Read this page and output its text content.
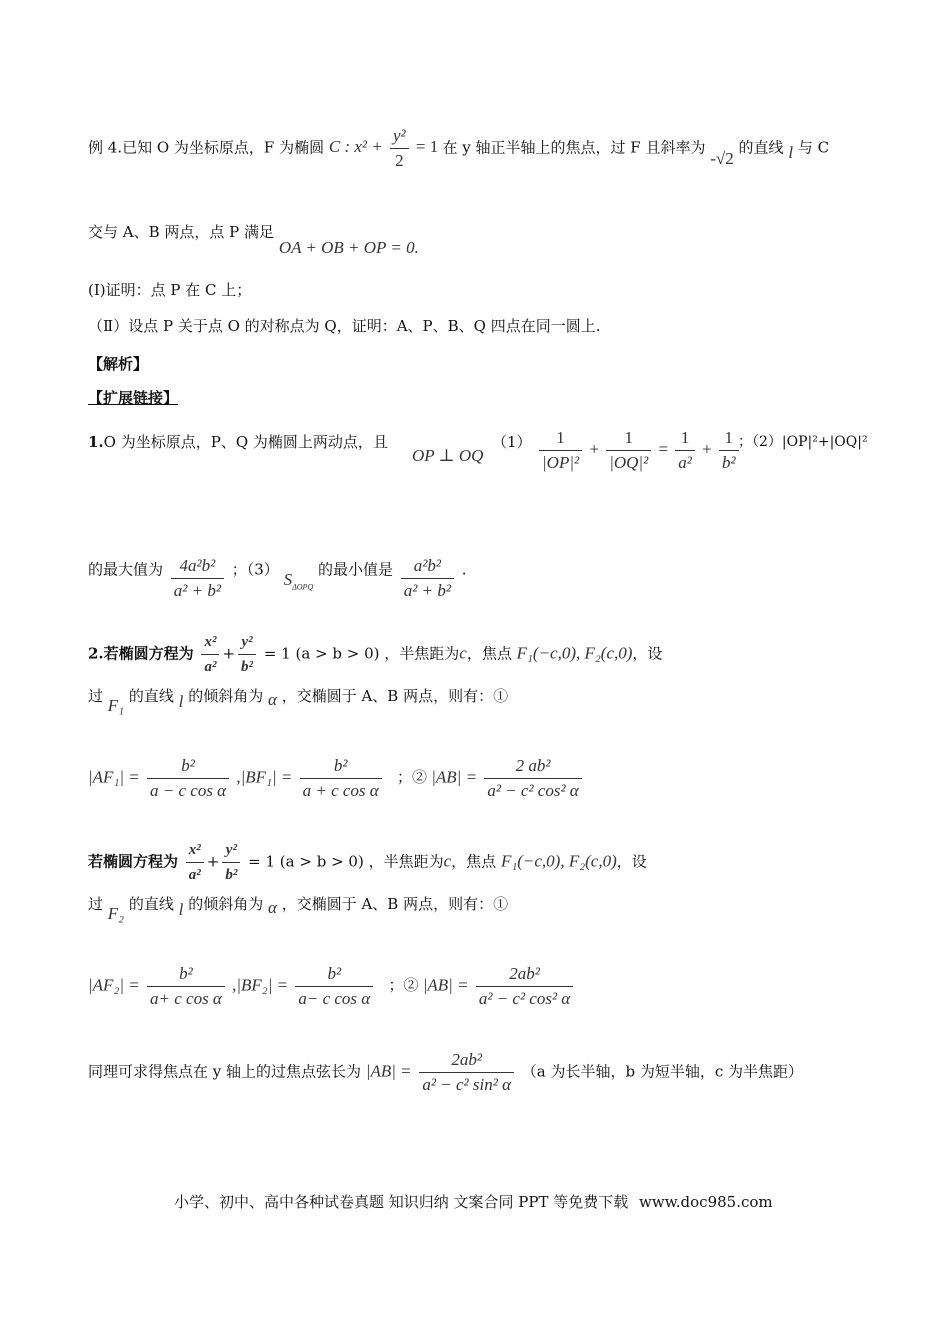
例 4.已知 O 为坐标原点，F 为椭圆 C : $x^2 + \frac{\text{y²}}{2} = 1$ 在 y 轴正半轴上的焦点，过 F 且斜率为 -√2 的直线 l 与 C
交与 A、B 两点，点 P 满足 OA + OB + OP = 0.
(I)证明：点 P 在 C 上；
（Ⅱ）设点 P 关于点 O 的对称点为 Q，证明：A、P、B、Q 四点在同一圆上.
【解析】
【扩展链接】
1.O 为坐标原点，P、Q 为椭圆上两动点，且
OP ⊥ OQ
$(1) \frac{1}{\text{|OP|²}} + \frac{1}{\text{|OQ|²}} = \frac{1}{\text{a²}} + \frac{1}{\text{b²}}$ ；（2）|OP|²+|OQ|²
的最大值为 $\frac{\text{4a²b²}}{\text{a² + b²}}$ ；（3） $S_{\Delta OPQ}$ 的最小值是 $\frac{\text{a²b²}}{\text{a² + b²}}$ .
2.若椭圆方程为 $\frac{\text{x²}}{\text{a²}} + \frac{\text{y²}}{\text{b²}} = 1$ (a > b > 0) ，半焦距为c，焦点 F₁(−c,0), F₂(c,0)，设
过 F₁ 的直线 l 的倾斜角为 α ，交椭圆于 A、B 两点，则有：①
$|AF_1| = \frac{\text{b²}}{\text{a − c cos α}} ,|BF_1| = \frac{\text{b²}}{\text{a + c cos α}}$ ；② $|AB| = \frac{\text{2 ab²}}{\text{a² − c² cos² α}}$
若椭圆方程为 $\frac{\text{x²}}{\text{a²}} + \frac{\text{y²}}{\text{b²}} = 1$ (a > b > 0) ，半焦距为c，焦点 F₁(−c,0), F₂(c,0)，设
过 F₂ 的直线 l 的倾斜角为 α ，交椭圆于 A、B 两点，则有：①
$|AF_2| = \frac{\text{b²}}{\text{a+ c cos α}} ,|BF_2| = \frac{\text{b²}}{\text{a− c cos α}}$ ；② $|AB| = \frac{\text{2ab²}}{\text{a² − c² cos² α}}$
同理可求得焦点在 y 轴上的过焦点弦长为 $|AB| = \frac{\text{2ab²}}{\text{a² − c² sin² α}} (a$ 为长半轴，b 为短半轴，c 为半焦距）
小学、初中、高中各种试卷真题 知识归纳 文案合同 PPT 等免费下载 www.doc985.com
